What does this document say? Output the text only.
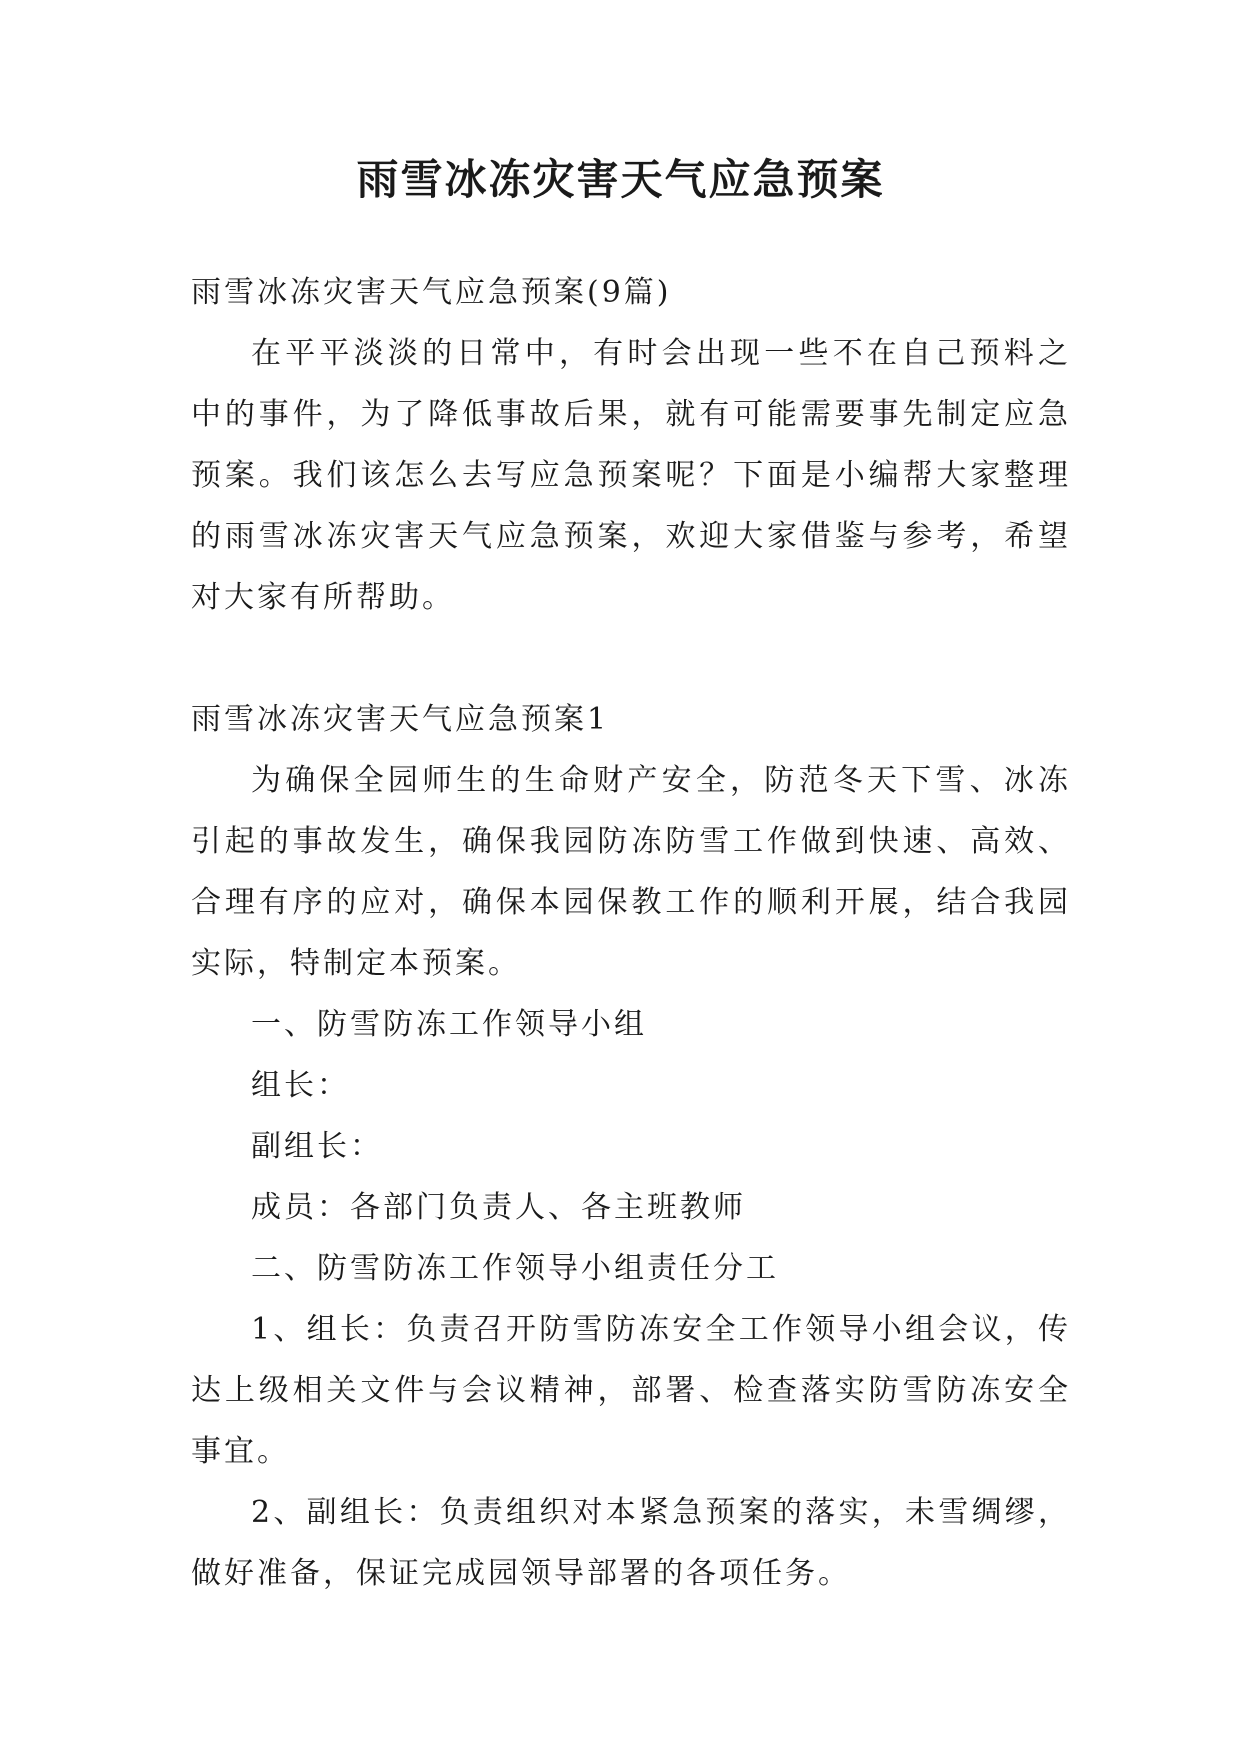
雨雪冰冻灾害天气应急预案

雨雪冰冻灾害天气应急预案(9篇)

在平平淡淡的日常中，有时会出现一些不在自己预料之中的事件，为了降低事故后果，就有可能需要事先制定应急预案。我们该怎么去写应急预案呢？下面是小编帮大家整理的雨雪冰冻灾害天气应急预案，欢迎大家借鉴与参考，希望对大家有所帮助。

雨雪冰冻灾害天气应急预案1

为确保全园师生的生命财产安全，防范冬天下雪、冰冻引起的事故发生，确保我园防冻防雪工作做到快速、高效、合理有序的应对，确保本园保教工作的顺利开展，结合我园实际，特制定本预案。

一、防雪防冻工作领导小组

组长：

副组长：

成员：各部门负责人、各主班教师

二、防雪防冻工作领导小组责任分工

1、组长：负责召开防雪防冻安全工作领导小组会议，传达上级相关文件与会议精神，部署、检查落实防雪防冻安全事宜。

2、副组长：负责组织对本紧急预案的落实，未雪绸缪，做好准备，保证完成园领导部署的各项任务。
